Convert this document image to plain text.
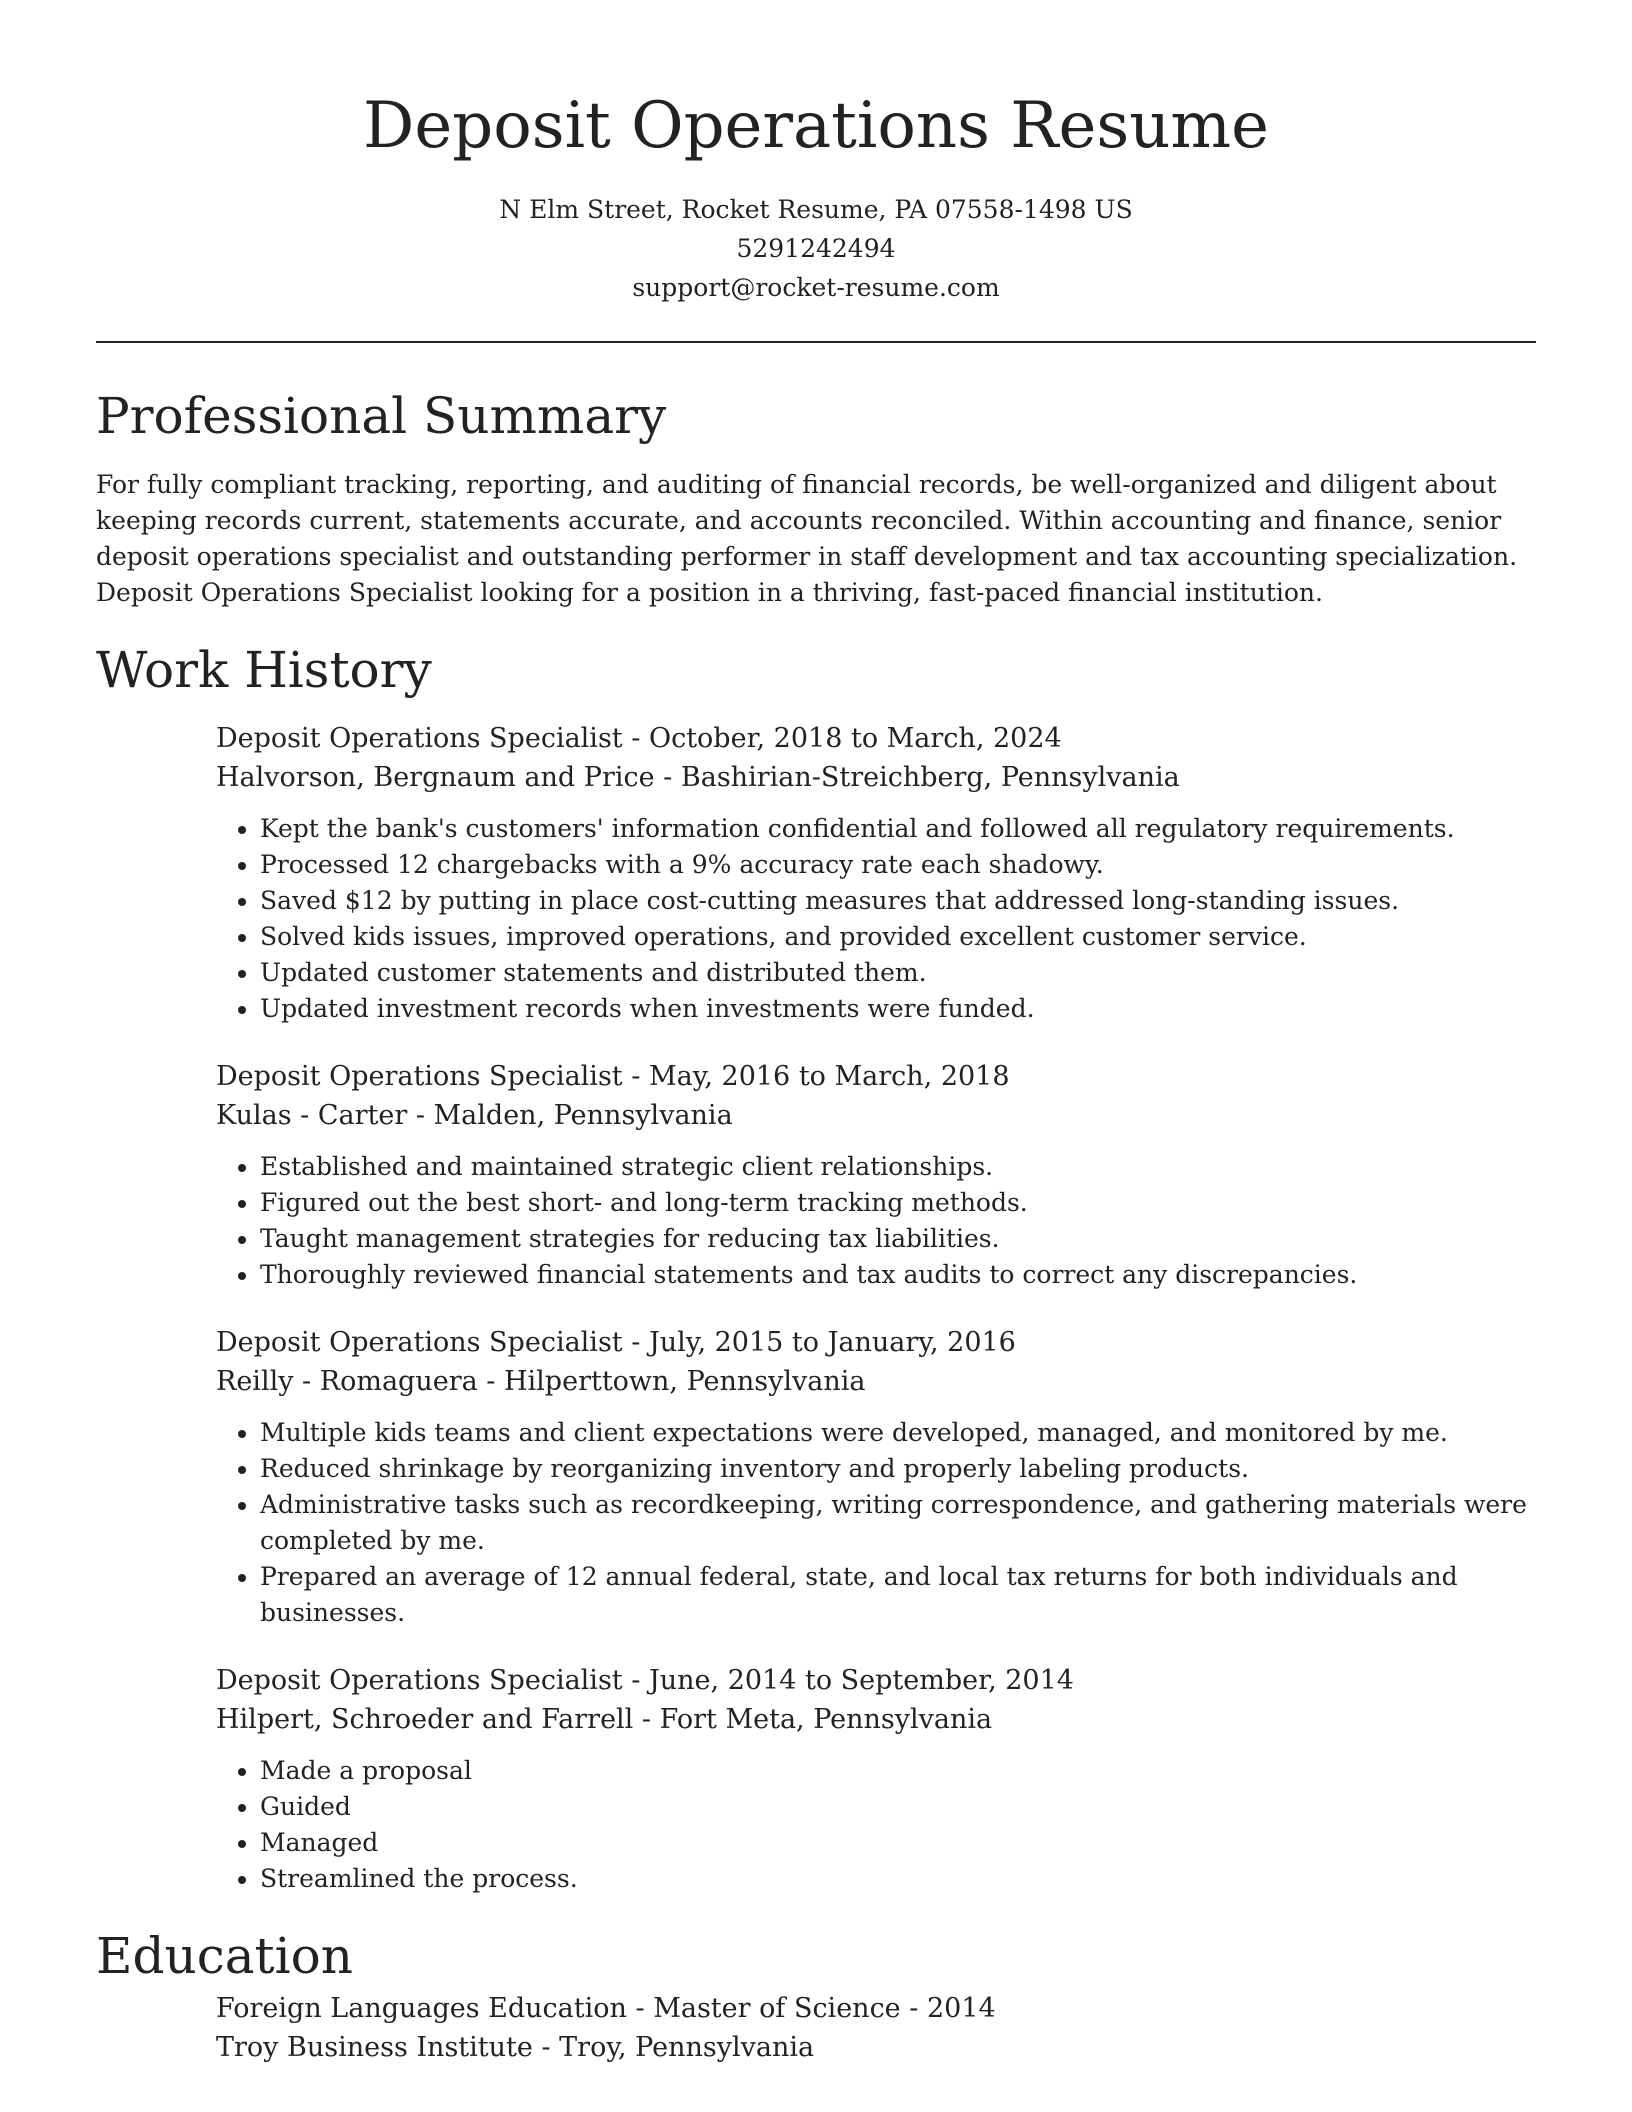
Deposit Operations Resume
N Elm Street, Rocket Resume, PA 07558-1498 US
5291242494
support@rocket-resume.com
Professional Summary

For fully compliant tracking, reporting, and auditing of financial records, be well-organized and diligent about keeping records current, statements accurate, and accounts reconciled. Within accounting and finance, senior deposit operations specialist and outstanding performer in staff development and tax accounting specialization. Deposit Operations Specialist looking for a position in a thriving, fast-paced financial institution.

Work History

Deposit Operations Specialist - October, 2018 to March, 2024

Halvorson, Bergnaum and Price - Bashirian-Streichberg, Pennsylvania

• Kept the bank's customers' information confidential and followed all regulatory requirements.
• Processed 12 chargebacks with a 9% accuracy rate each shadowy.
• Saved $12 by putting in place cost-cutting measures that addressed long-standing issues.
• Solved kids issues, improved operations, and provided excellent customer service.
• Updated customer statements and distributed them.
• Updated investment records when investments were funded.

Deposit Operations Specialist - May, 2016 to March, 2018

Kulas - Carter - Malden, Pennsylvania

• Established and maintained strategic client relationships.
• Figured out the best short- and long-term tracking methods.
• Taught management strategies for reducing tax liabilities.
• Thoroughly reviewed financial statements and tax audits to correct any discrepancies.

Deposit Operations Specialist - July, 2015 to January, 2016

Reilly - Romaguera - Hilperttown, Pennsylvania

• Multiple kids teams and client expectations were developed, managed, and monitored by me.
• Reduced shrinkage by reorganizing inventory and properly labeling products.
• Administrative tasks such as recordkeeping, writing correspondence, and gathering materials were completed by me.
• Prepared an average of 12 annual federal, state, and local tax returns for both individuals and businesses.

Deposit Operations Specialist - June, 2014 to September, 2014

Hilpert, Schroeder and Farrell - Fort Meta, Pennsylvania

• Made a proposal
• Guided
• Managed
• Streamlined the process.
Education

Foreign Languages Education - Master of Science - 2014

Troy Business Institute - Troy, Pennsylvania
